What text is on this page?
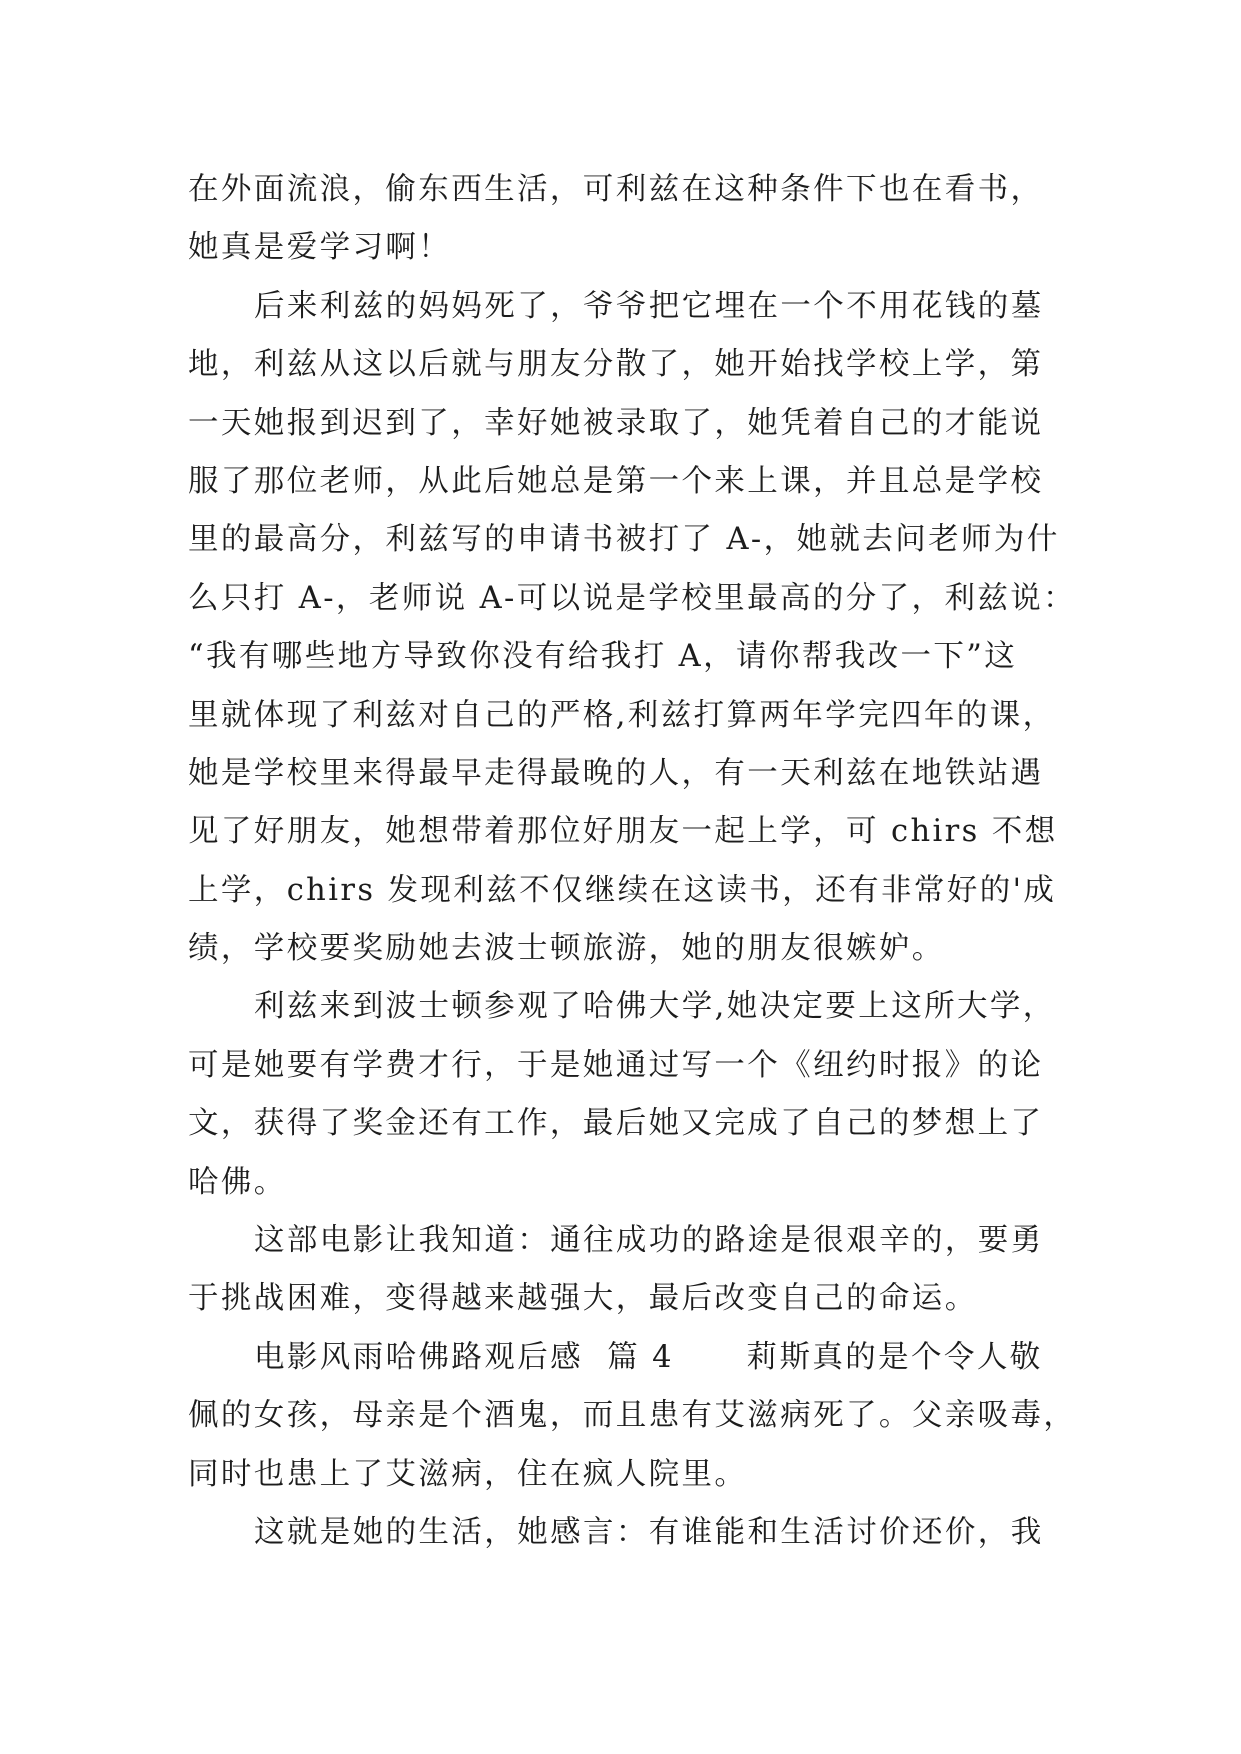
在外面流浪，偷东西生活，可利兹在这种条件下也在看书，
她真是爱学习啊！
后来利兹的妈妈死了，爷爷把它埋在一个不用花钱的墓
地，利兹从这以后就与朋友分散了，她开始找学校上学，第
一天她报到迟到了，幸好她被录取了，她凭着自己的才能说
服了那位老师，从此后她总是第一个来上课，并且总是学校
里的最高分，利兹写的申请书被打了 A-，她就去问老师为什
么只打 A-，老师说 A-可以说是学校里最高的分了，利兹说：
“我有哪些地方导致你没有给我打 A，请你帮我改一下”这
里就体现了利兹对自己的严格,利兹打算两年学完四年的课，
她是学校里来得最早走得最晚的人，有一天利兹在地铁站遇
见了好朋友，她想带着那位好朋友一起上学，可 chirs 不想
上学，chirs 发现利兹不仅继续在这读书，还有非常好的'成
绩，学校要奖励她去波士顿旅游，她的朋友很嫉妒。
利兹来到波士顿参观了哈佛大学,她决定要上这所大学，
可是她要有学费才行，于是她通过写一个《纽约时报》的论
文，获得了奖金还有工作，最后她又完成了自己的梦想上了
哈佛。
这部电影让我知道：通往成功的路途是很艰辛的，要勇
于挑战困难，变得越来越强大，最后改变自己的命运。
电影风雨哈佛路观后感  篇 4      莉斯真的是个令人敬
佩的女孩，母亲是个酒鬼，而且患有艾滋病死了。父亲吸毒，
同时也患上了艾滋病，住在疯人院里。
这就是她的生活，她感言：有谁能和生活讨价还价，我
